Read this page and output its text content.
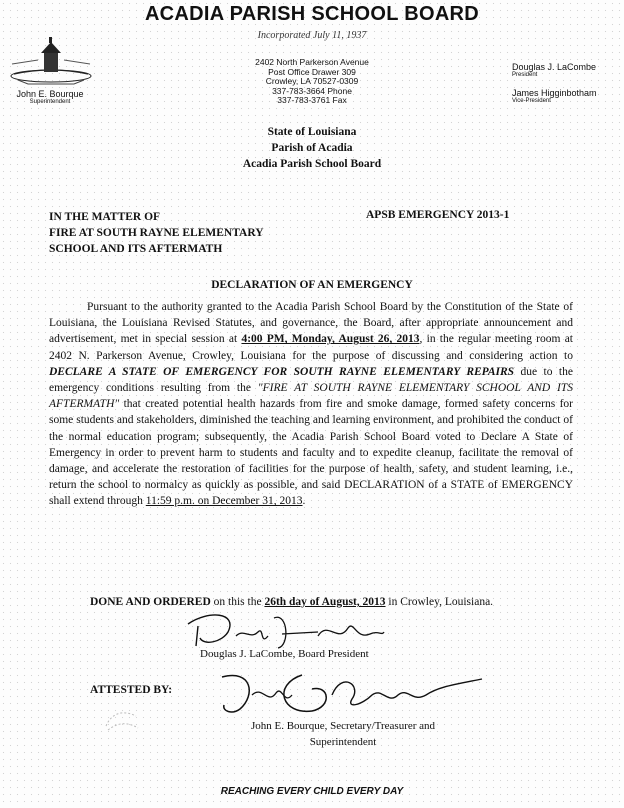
ACADIA PARISH SCHOOL BOARD
Incorporated July 11, 1937
John E. Bourque
Superintendent
Douglas J. LaCombe
President
James Higginbotham
Vice-President
2402 North Parkerson Avenue
Post Office Drawer 309
Crowley, LA 70527-0309
337-783-3664 Phone
337-783-3761 Fax
State of Louisiana
Parish of Acadia
Acadia Parish School Board
IN THE MATTER OF
FIRE AT SOUTH RAYNE ELEMENTARY
SCHOOL AND ITS AFTERMATH
APSB EMERGENCY 2013-1
DECLARATION OF AN EMERGENCY
Pursuant to the authority granted to the Acadia Parish School Board by the Constitution of the State of Louisiana, the Louisiana Revised Statutes, and governance, the Board, after appropriate announcement and advertisement, met in special session at 4:00 PM, Monday, August 26, 2013, in the regular meeting room at 2402 N. Parkerson Avenue, Crowley, Louisiana for the purpose of discussing and considering action to DECLARE A STATE OF EMERGENCY FOR SOUTH RAYNE ELEMENTARY REPAIRS due to the emergency conditions resulting from the "FIRE AT SOUTH RAYNE ELEMENTARY SCHOOL AND ITS AFTERMATH" that created potential health hazards from fire and smoke damage, formed safety concerns for some students and stakeholders, diminished the teaching and learning environment, and prohibited the conduct of the normal education program; subsequently, the Acadia Parish School Board voted to Declare A State of Emergency in order to prevent harm to students and faculty and to expedite cleanup, facilitate the removal of damage, and accelerate the restoration of facilities for the purpose of health, safety, and student learning, i.e., return the school to normalcy as quickly as possible, and said DECLARATION of a STATE of EMERGENCY shall extend through 11:59 p.m. on December 31, 2013.
DONE AND ORDERED on this the 26th day of August, 2013 in Crowley, Louisiana.
Douglas J. LaCombe, Board President
ATTESTED BY:
John E. Bourque, Secretary/Treasurer and
Superintendent
REACHING EVERY CHILD EVERY DAY
